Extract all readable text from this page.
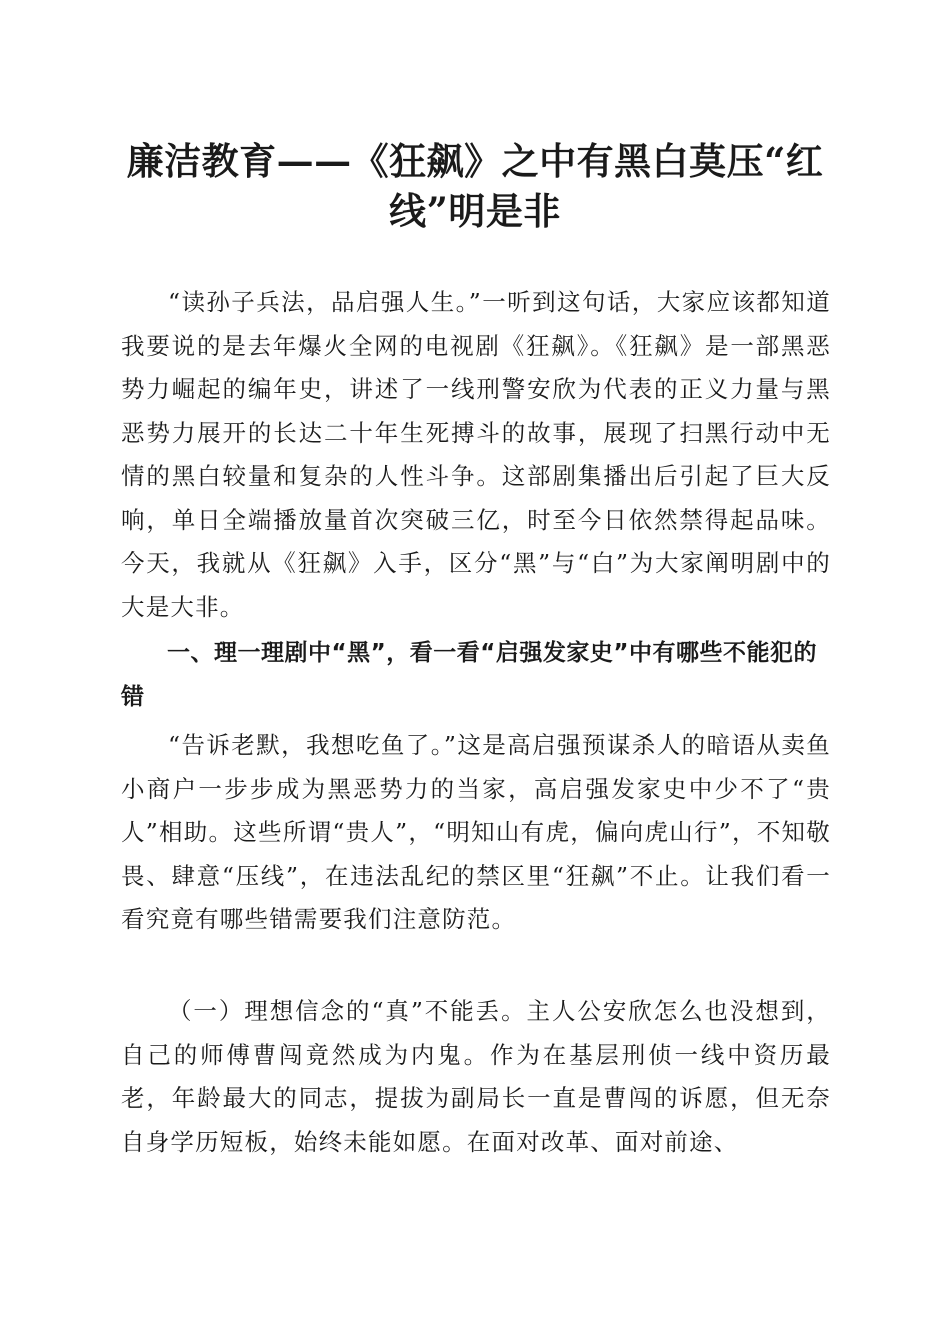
廉洁教育——《狂飙》之中有黑白莫压“红线”明是非

“读孙子兵法，品启强人生。”一听到这句话，大家应该都知道我要说的是去年爆火全网的电视剧《狂飙》。《狂飙》是一部黑恶势力崛起的编年史，讲述了一线刑警安欣为代表的正义力量与黑恶势力展开的长达二十年生死搏斗的故事，展现了扫黑行动中无情的黑白较量和复杂的人性斗争。这部剧集播出后引起了巨大反响，单日全端播放量首次突破三亿，时至今日依然禁得起品味。今天，我就从《狂飙》入手，区分“黑”与“白”为大家阐明剧中的大是大非。

一、理一理剧中“黑”，看一看“启强发家史”中有哪些不能犯的错

“告诉老默，我想吃鱼了。”这是高启强预谋杀人的暗语从卖鱼小商户一步步成为黑恶势力的当家，高启强发家史中少不了“贵人”相助。这些所谓“贵人”，“明知山有虎，偏向虎山行”，不知敬畏、肆意“压线”，在违法乱纪的禁区里“狂飙”不止。让我们看一看究竟有哪些错需要我们注意防范。

（一）理想信念的“真”不能丢。主人公安欣怎么也没想到，自己的师傅曹闯竟然成为内鬼。作为在基层刑侦一线中资历最老，年龄最大的同志，提拔为副局长一直是曹闯的诉愿，但无奈自身学历短板，始终未能如愿。在面对改革、面对前途、
